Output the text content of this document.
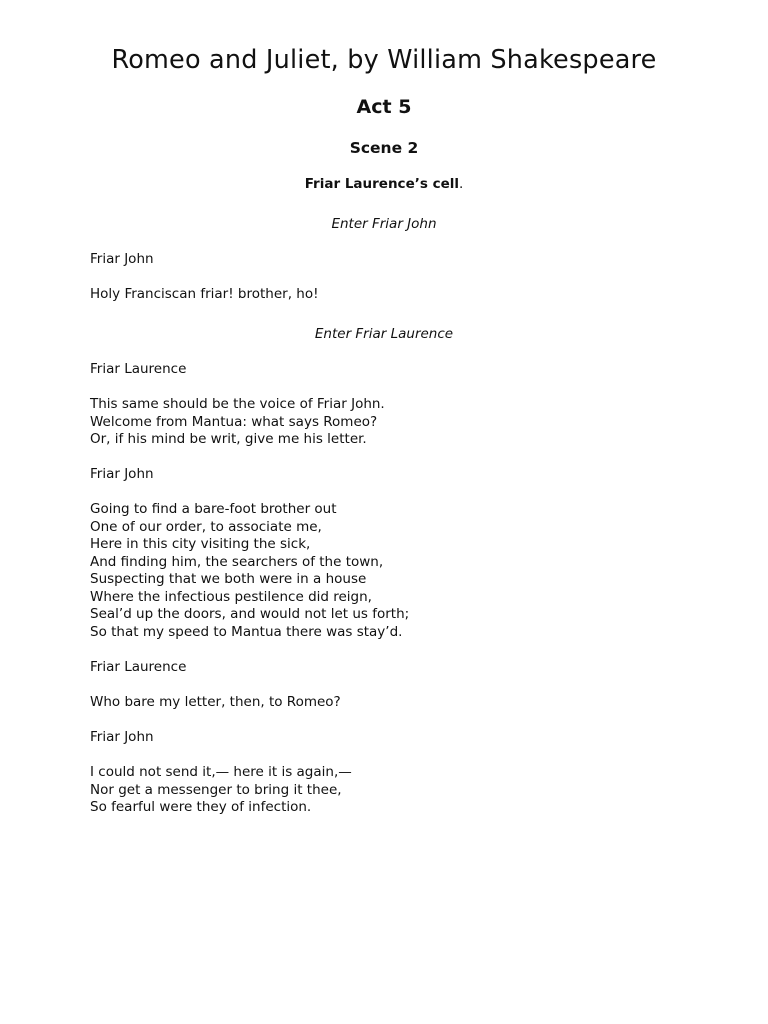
Romeo and Juliet, by William Shakespeare
Act 5
Scene 2

Friar Laurence’s cell.

Enter Friar John

Friar John

Holy Franciscan friar! brother, ho!

Enter Friar Laurence

Friar Laurence

This same should be the voice of Friar John.
Welcome from Mantua: what says Romeo?
Or, if his mind be writ, give me his letter.

Friar John

Going to find a bare-foot brother out
One of our order, to associate me,
Here in this city visiting the sick,
And finding him, the searchers of the town,
Suspecting that we both were in a house
Where the infectious pestilence did reign,
Seal’d up the doors, and would not let us forth;
So that my speed to Mantua there was stay’d.

Friar Laurence

Who bare my letter, then, to Romeo?

Friar John

I could not send it,— here it is again,—
Nor get a messenger to bring it thee,
So fearful were they of infection.
